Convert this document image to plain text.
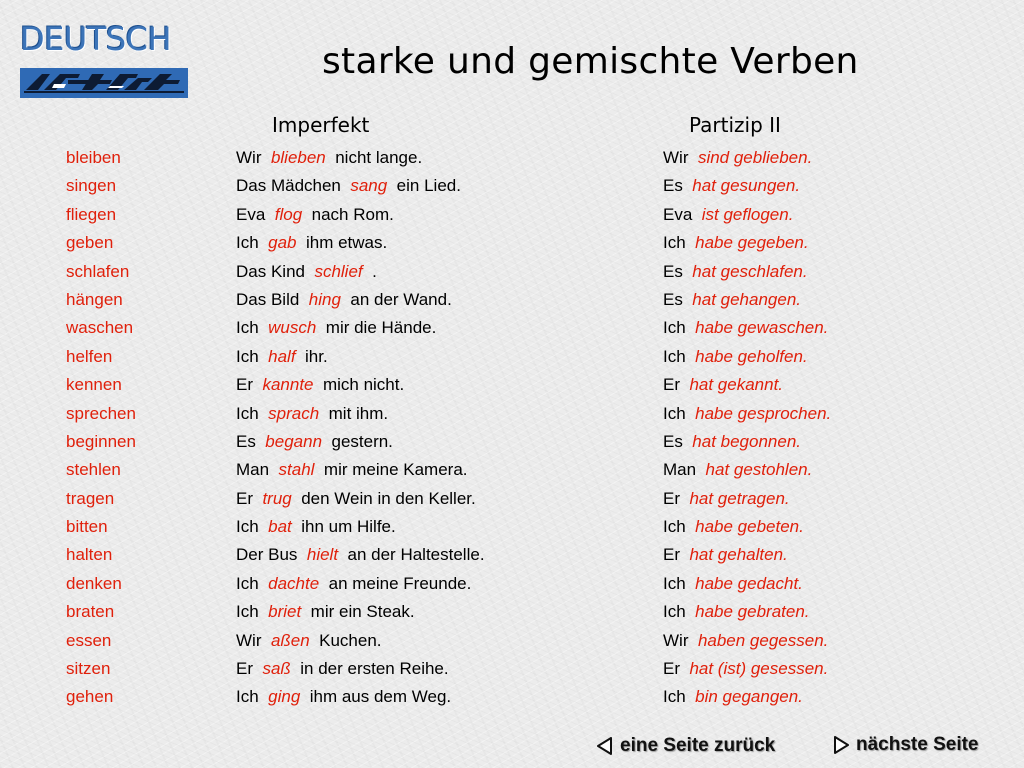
DEUTSCH
starke und gemischte Verben
Imperfekt	Partizip II
bleiben	Wir blieben nicht lange.	Wir sind geblieben.
singen	Das Mädchen sang ein Lied.	Es hat gesungen.
fliegen	Eva flog nach Rom.	Eva ist geflogen.
geben	Ich gab ihm etwas.	Ich habe gegeben.
schlafen	Das Kind schlief .	Es hat geschlafen.
hängen	Das Bild hing an der Wand.	Es hat gehangen.
waschen	Ich wusch mir die Hände.	Ich habe gewaschen.
helfen	Ich half ihr.	Ich habe geholfen.
kennen	Er kannte mich nicht.	Er hat gekannt.
sprechen	Ich sprach mit ihm.	Ich habe gesprochen.
beginnen	Es begann gestern.	Es hat begonnen.
stehlen	Man stahl mir meine Kamera.	Man hat gestohlen.
tragen	Er trug den Wein in den Keller.	Er hat getragen.
bitten	Ich bat ihn um Hilfe.	Ich habe gebeten.
halten	Der Bus hielt an der Haltestelle.	Er hat gehalten.
denken	Ich dachte an meine Freunde.	Ich habe gedacht.
braten	Ich briet mir ein Steak.	Ich habe gebraten.
essen	Wir aßen Kuchen.	Wir haben gegessen.
sitzen	Er saß in der ersten Reihe.	Er hat (ist) gesessen.
gehen	Ich ging ihm aus dem Weg.	Ich bin gegangen.
eine Seite zurück	nächste Seite
